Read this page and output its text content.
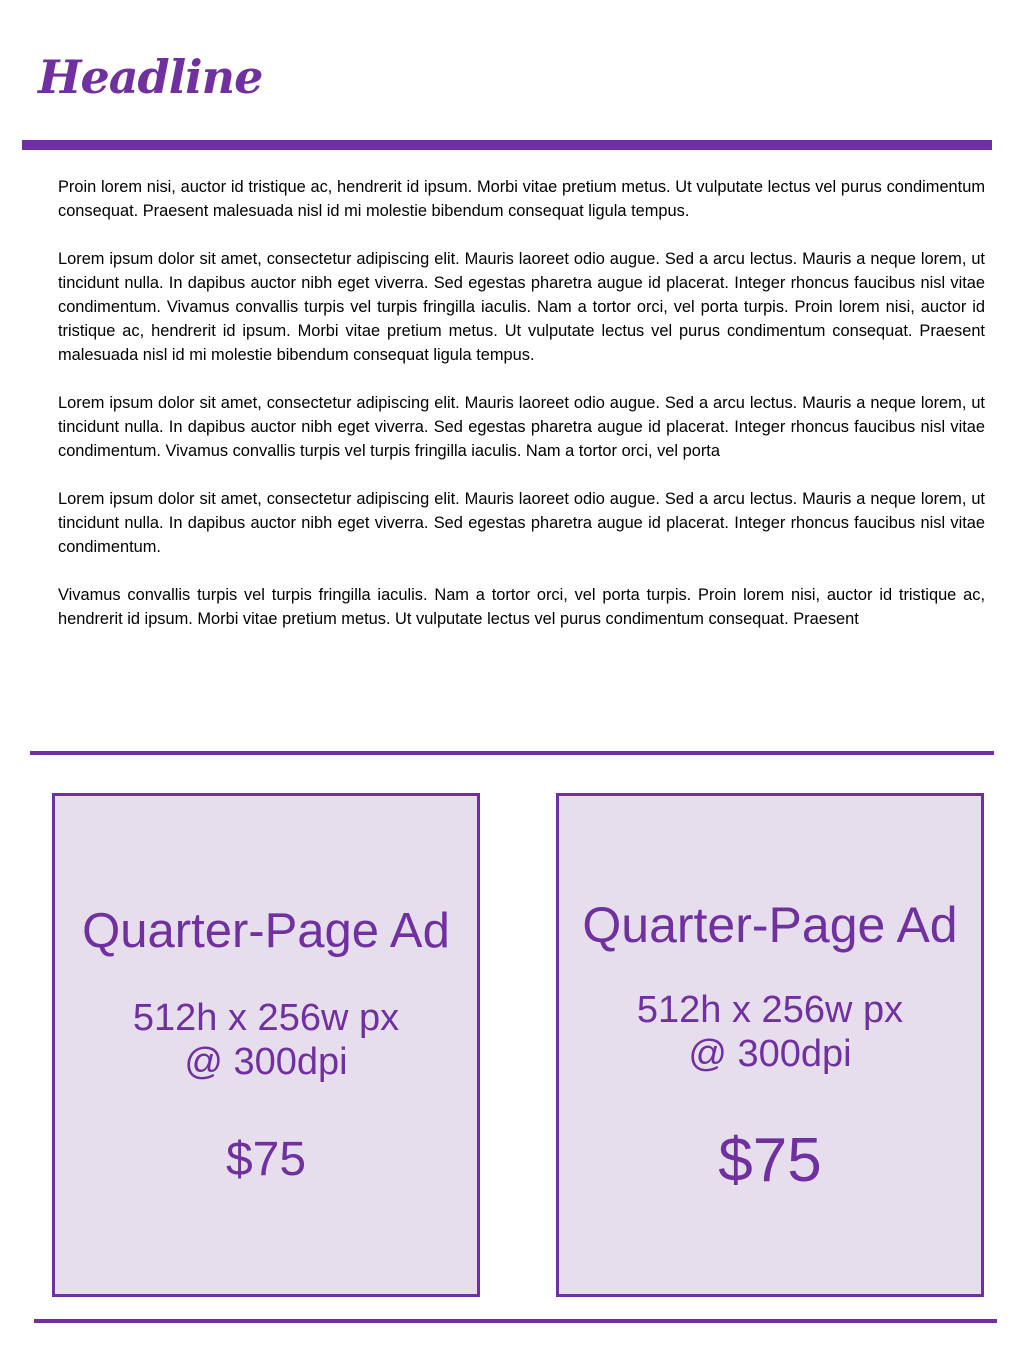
Headline

Proin lorem nisi, auctor id tristique ac, hendrerit id ipsum. Morbi vitae pretium metus. Ut vulputate lectus vel purus condimentum consequat. Praesent malesuada nisl id mi molestie bibendum consequat ligula tempus.

Lorem ipsum dolor sit amet, consectetur adipiscing elit. Mauris laoreet odio augue. Sed a arcu lectus. Mauris a neque lorem, ut tincidunt nulla. In dapibus auctor nibh eget viverra. Sed egestas pharetra augue id placerat. Integer rhoncus faucibus nisl vitae condimentum. Vivamus convallis turpis vel turpis fringilla iaculis. Nam a tortor orci, vel porta turpis. Proin lorem nisi, auctor id tristique ac, hendrerit id ipsum. Morbi vitae pretium metus. Ut vulputate lectus vel purus condimentum consequat. Praesent malesuada nisl id mi molestie bibendum consequat ligula tempus.

Lorem ipsum dolor sit amet, consectetur adipiscing elit. Mauris laoreet odio augue. Sed a arcu lectus. Mauris a neque lorem, ut tincidunt nulla. In dapibus auctor nibh eget viverra. Sed egestas pharetra augue id placerat. Integer rhoncus faucibus nisl vitae condimentum. Vivamus convallis turpis vel turpis fringilla iaculis. Nam a tortor orci, vel porta

Lorem ipsum dolor sit amet, consectetur adipiscing elit. Mauris laoreet odio augue. Sed a arcu lectus. Mauris a neque lorem, ut tincidunt nulla. In dapibus auctor nibh eget viverra. Sed egestas pharetra augue id placerat. Integer rhoncus faucibus nisl vitae condimentum.

Vivamus convallis turpis vel turpis fringilla iaculis. Nam a tortor orci, vel porta turpis. Proin lorem nisi, auctor id tristique ac, hendrerit id ipsum. Morbi vitae pretium metus. Ut vulputate lectus vel purus condimentum consequat. Praesent

Quarter-Page Ad
512h x 256w px
@ 300dpi
$75
Quarter-Page Ad
512h x 256w px
@ 300dpi
$75
